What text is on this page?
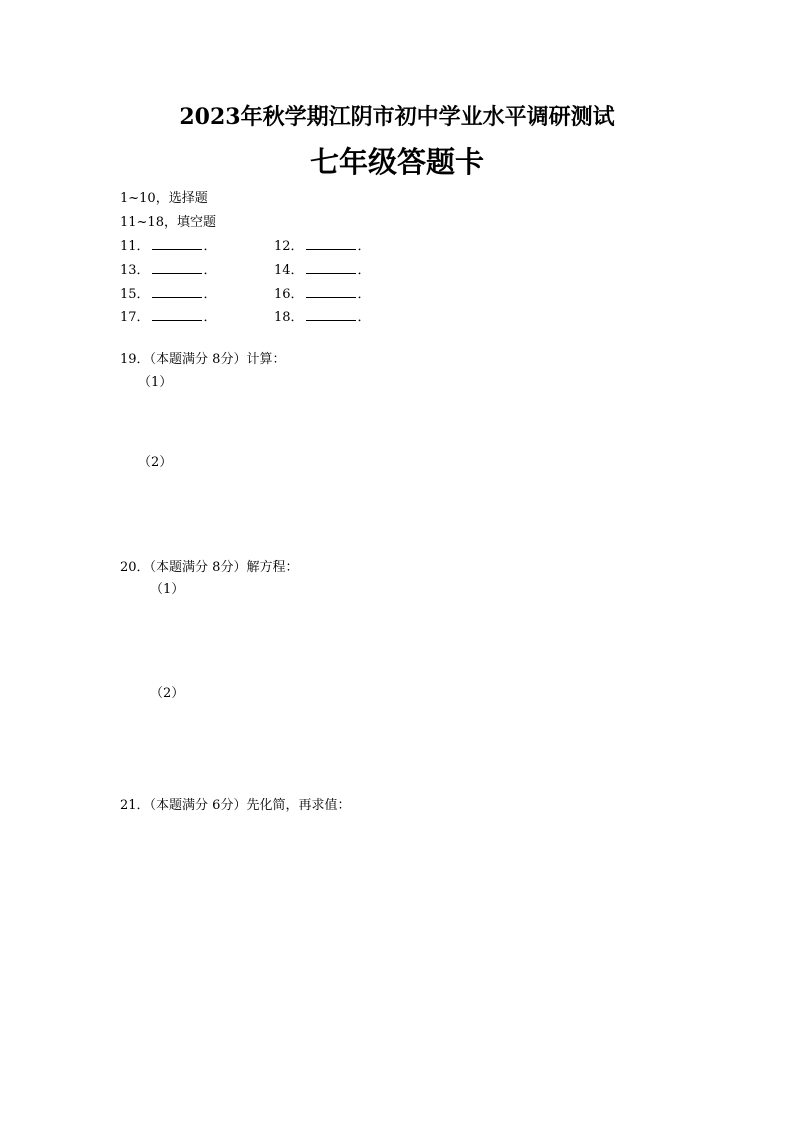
2023年秋学期江阴市初中学业水平调研测试
七年级答题卡
1~10，选择题
11~18，填空题
11．	．	12．	．
13．	．	14．	．
15．	．	16．	．
17．	．	18．	．
19．（本题满分 8分）计算：
（1）
（2）
20．（本题满分 8分）解方程：
（1）
（2）
21．（本题满分 6分）先化简，再求值：
